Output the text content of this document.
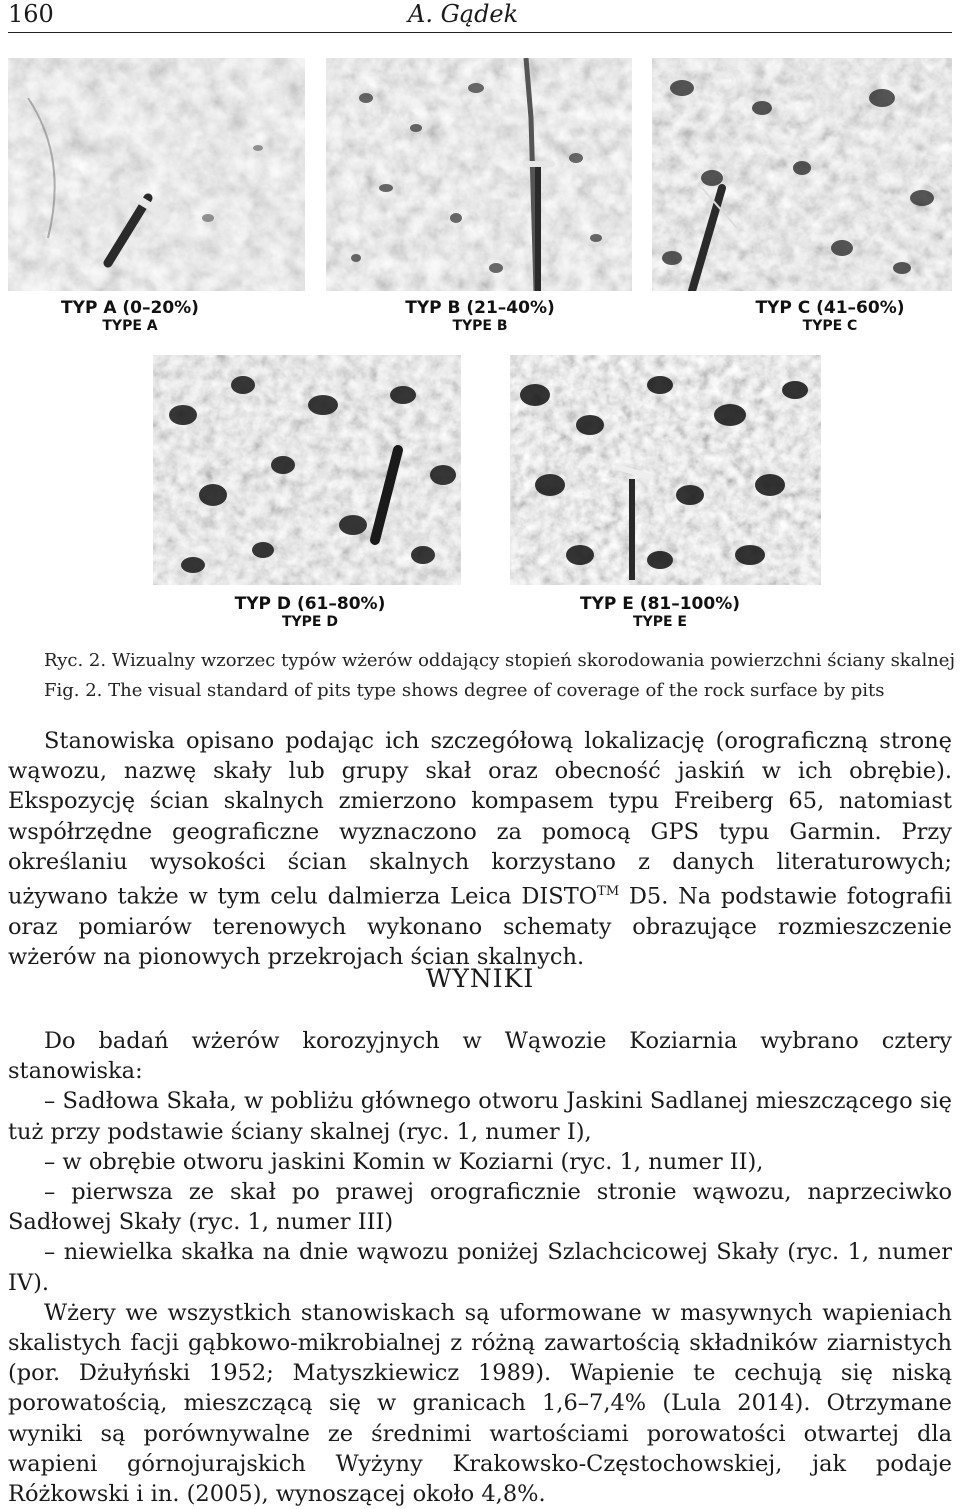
160	A. Gądek
TYP A (0–20%)
TYPE A
TYP B (21–40%)
TYPE B
TYP C (41–60%)
TYPE C
TYP D (61–80%)
TYPE D
TYP E (81–100%)
TYPE E
Ryc. 2. Wizualny wzorzec typów wżerów oddający stopień skorodowania powierzchni ściany skalnej
Fig. 2. The visual standard of pits type shows degree of coverage of the rock surface by pits

Stanowiska opisano podając ich szczegółową lokalizację (orograficzną stronę wąwozu, nazwę skały lub grupy skał oraz obecność jaskiń w ich obrębie). Ekspozycję ścian skalnych zmierzono kompasem typu Freiberg 65, natomiast współrzędne geograficzne wyznaczono za pomocą GPS typu Garmin. Przy określaniu wysokości ścian skalnych korzystano z danych literaturowych; używano także w tym celu dalmierza Leica DISTO™ D5. Na podstawie fotografii oraz pomiarów terenowych wykonano schematy obrazujące rozmieszczenie wżerów na pionowych przekrojach ścian skalnych.

WYNIKI

Do badań wżerów korozyjnych w Wąwozie Koziarnia wybrano cztery stanowiska:

– Sadłowa Skała, w pobliżu głównego otworu Jaskini Sadlanej mieszczącego się tuż przy podstawie ściany skalnej (ryc. 1, numer I),

– w obrębie otworu jaskini Komin w Koziarni (ryc. 1, numer II),

– pierwsza ze skał po prawej orograficznie stronie wąwozu, naprzeciwko Sadłowej Skały (ryc. 1, numer III)

– niewielka skałka na dnie wąwozu poniżej Szlachcicowej Skały (ryc. 1, numer IV).

Wżery we wszystkich stanowiskach są uformowane w masywnych wapieniach skalistych facji gąbkowo-mikrobialnej z różną zawartością składników ziarnistych (por. Dżułyński 1952; Matyszkiewicz 1989). Wapienie te cechują się niską porowatością, mieszczącą się w granicach 1,6–7,4% (Lula 2014). Otrzymane wyniki są porównywalne ze średnimi wartościami porowatości otwartej dla wapieni górnojurajskich Wyżyny Krakowsko-Częstochowskiej, jak podaje Różkowski i in. (2005), wynoszącej około 4,8%.
